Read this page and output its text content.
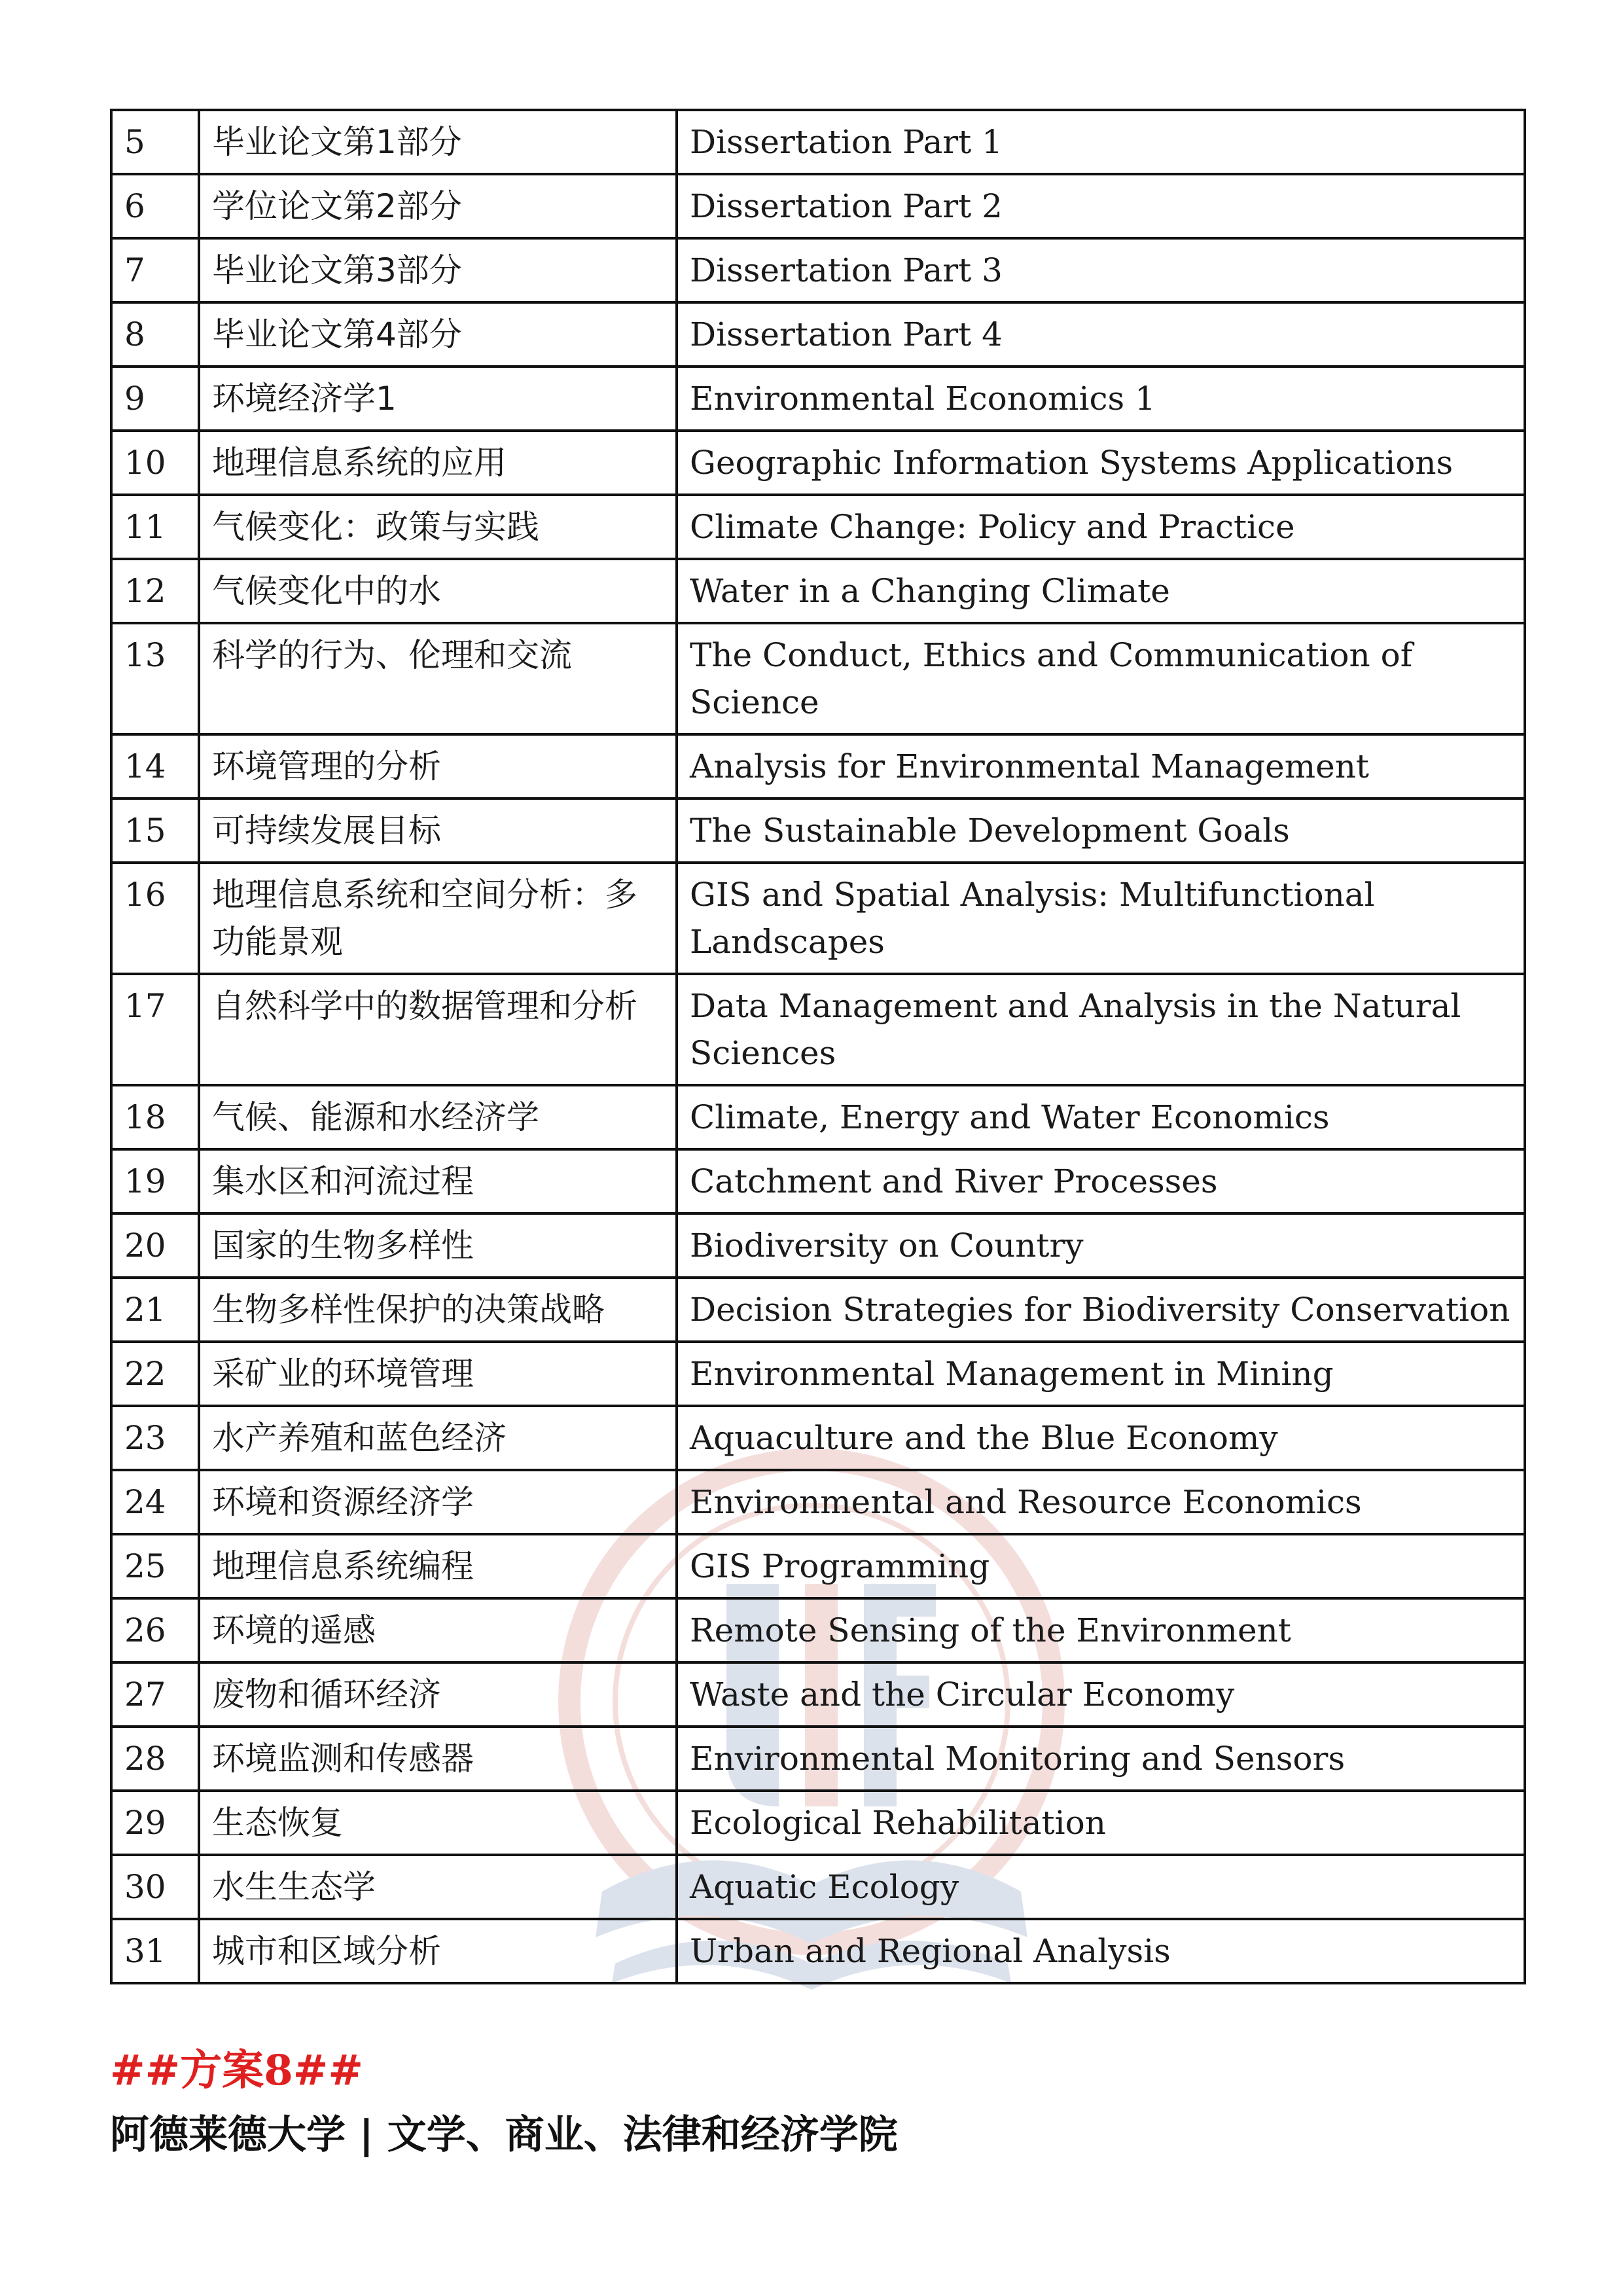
5	毕业论文第1部分	Dissertation Part 1
6	学位论文第2部分	Dissertation Part 2
7	毕业论文第3部分	Dissertation Part 3
8	毕业论文第4部分	Dissertation Part 4
9	环境经济学1	Environmental Economics 1
10	地理信息系统的应用	Geographic Information Systems Applications
11	气候变化：政策与实践	Climate Change: Policy and Practice
12	气候变化中的水	Water in a Changing Climate
13	科学的行为、伦理和交流	The Conduct, Ethics and Communication of Science
14	环境管理的分析	Analysis for Environmental Management
15	可持续发展目标	The Sustainable Development Goals
16	地理信息系统和空间分析：多功能景观	GIS and Spatial Analysis: Multifunctional Landscapes
17	自然科学中的数据管理和分析	Data Management and Analysis in the Natural Sciences
18	气候、能源和水经济学	Climate, Energy and Water Economics
19	集水区和河流过程	Catchment and River Processes
20	国家的生物多样性	Biodiversity on Country
21	生物多样性保护的决策战略	Decision Strategies for Biodiversity Conservation
22	采矿业的环境管理	Environmental Management in Mining
23	水产养殖和蓝色经济	Aquaculture and the Blue Economy
24	环境和资源经济学	Environmental and Resource Economics
25	地理信息系统编程	GIS Programming
26	环境的遥感	Remote Sensing of the Environment
27	废物和循环经济	Waste and the Circular Economy
28	环境监测和传感器	Environmental Monitoring and Sensors
29	生态恢复	Ecological Rehabilitation
30	水生生态学	Aquatic Ecology
31	城市和区域分析	Urban and Regional Analysis
##方案8##
阿德莱德大学 | 文学、商业、法律和经济学院
